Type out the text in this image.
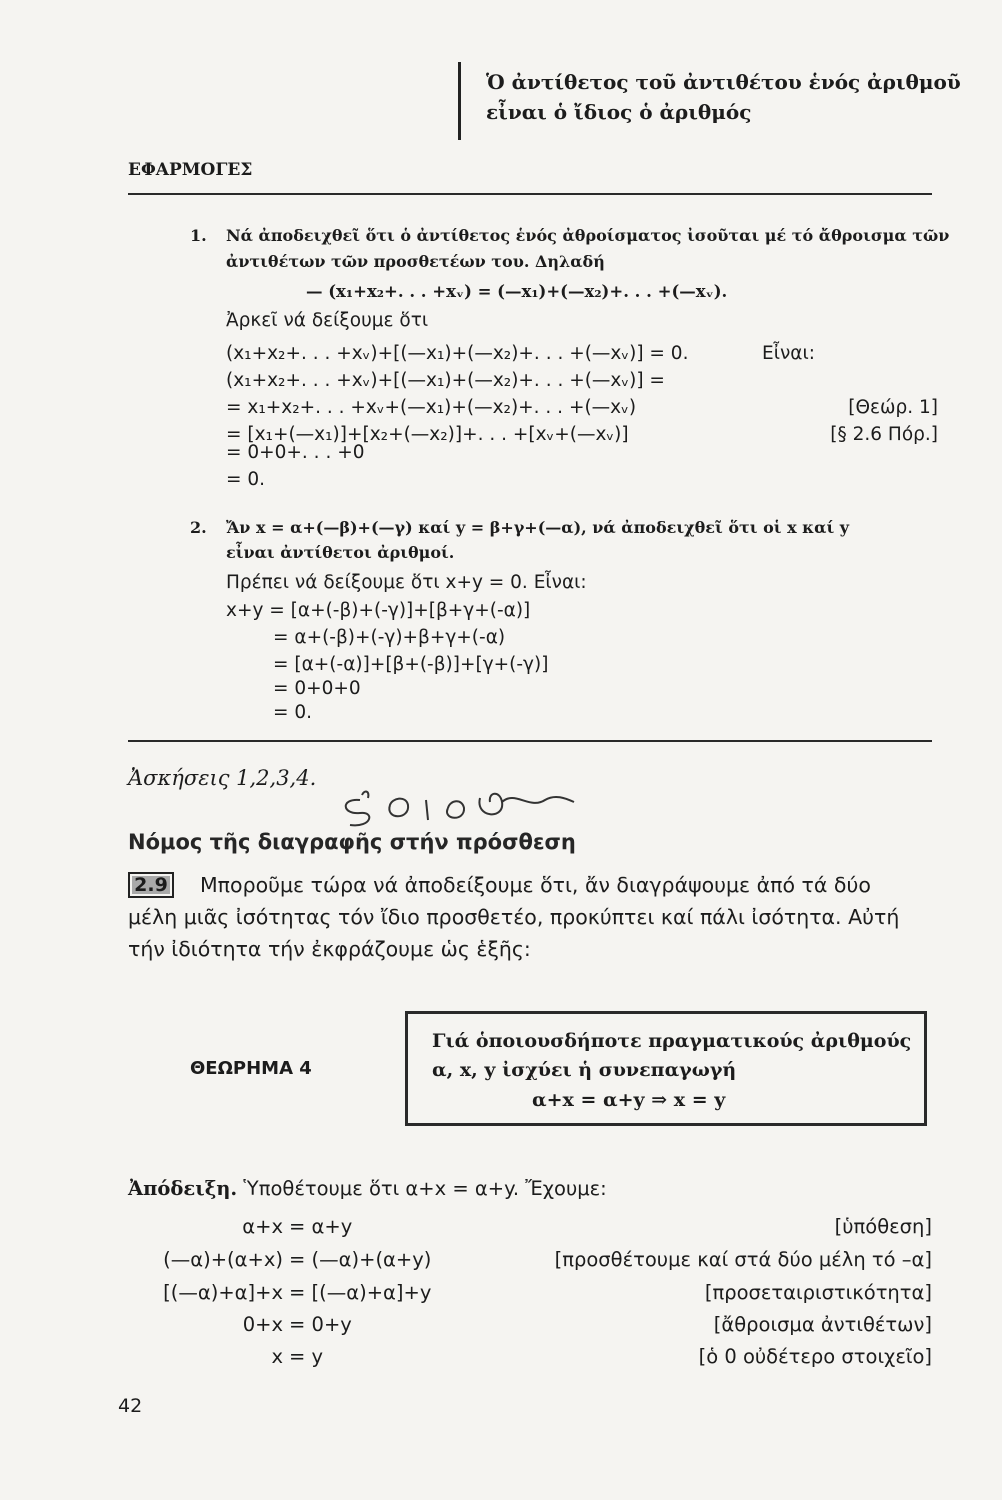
Ὁ ἀντίθετος τοῦ ἀντιθέτου ἑνός ἀριθμοῦ
εἶναι ὁ ἴδιος ὁ ἀριθμός
ΕΦΑΡΜΟΓΕΣ
1. Νά ἀποδειχθεῖ ὅτι ὁ ἀντίθετος ἑνός ἀθροίσματος ἰσοῦται μέ τό ἄθροισμα τῶν
ἀντιθέτων τῶν προσθετέων του. Δηλαδή
— (x₁+x₂+. . . +xᵥ) = (—x₁)+(—x₂)+. . . +(—xᵥ).
Ἀρκεῖ νά δείξουμε ὅτι
(x₁+x₂+. . . +xᵥ)+[(—x₁)+(—x₂)+. . . +(—xᵥ)] = 0.	Εἶναι:
(x₁+x₂+. . . +xᵥ)+[(—x₁)+(—x₂)+. . . +(—xᵥ)] =
= x₁+x₂+. . . +xᵥ+(—x₁)+(—x₂)+. . . +(—xᵥ)	[Θεώρ. 1]
= [x₁+(—x₁)]+[x₂+(—x₂)]+. . . +[xᵥ+(—xᵥ)]	[§ 2.6 Πόρ.]
= 0+0+. . . +0
= 0.
2. Ἄν x = α+(—β)+(—γ) καί y = β+γ+(—α), νά ἀποδειχθεῖ ὅτι οἱ x καί y
εἶναι ἀντίθετοι ἀριθμοί.
Πρέπει νά δείξουμε ὅτι x+y = 0. Εἶναι:
x+y = [α+(-β)+(-γ)]+[β+γ+(-α)]
= α+(-β)+(-γ)+β+γ+(-α)
= [α+(-α)]+[β+(-β)]+[γ+(-γ)]
= 0+0+0
= 0.
Ἀσκήσεις 1,2,3,4.
Νόμος τῆς διαγραφῆς στήν πρόσθεση
2.9 Μποροῦμε τώρα νά ἀποδείξουμε ὅτι, ἄν διαγράψουμε ἀπό τά δύο
μέλη μιᾶς ἰσότητας τόν ἴδιο προσθετέο, προκύπτει καί πάλι ἰσότητα. Αὐτή
τήν ἰδιότητα τήν ἐκφράζουμε ὡς ἑξῆς:
ΘΕΩΡΗΜΑ 4
Γιά ὁποιουσδήποτε πραγματικούς ἀριθμούς
α, x, y ἰσχύει ἡ συνεπαγωγή
α+x = α+y ⇒ x = y
Ἀπόδειξη. Ὑποθέτουμε ὅτι α+x = α+y. Ἔχουμε:
α+x = α+y	[ὑπόθεση]
(—α)+(α+x) = (—α)+(α+y)	[προσθέτουμε καί στά δύο μέλη τό –α]
[(—α)+α]+x = [(—α)+α]+y	[προσεταιριστικότητα]
0+x = 0+y	[ἄθροισμα ἀντιθέτων]
x = y	[ὁ 0 οὐδέτερο στοιχεῖο]
42
